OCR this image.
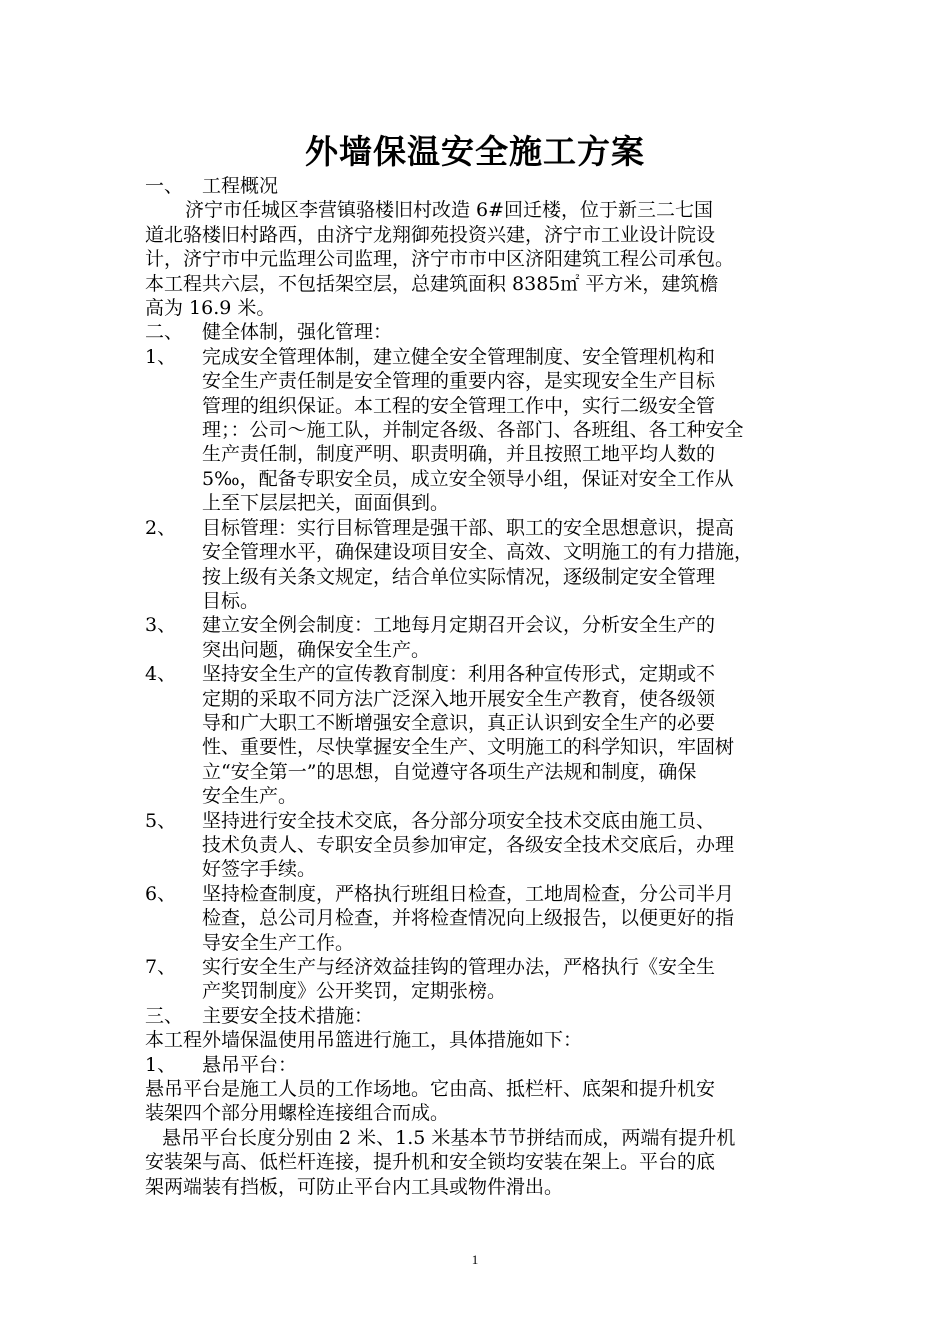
外墙保温安全施工方案
一、 工程概况
济宁市任城区李营镇骆楼旧村改造 6#回迁楼，位于新三二七国
道北骆楼旧村路西，由济宁龙翔御苑投资兴建，济宁市工业设计院设
计，济宁市中元监理公司监理，济宁市市中区济阳建筑工程公司承包。
本工程共六层，不包括架空层，总建筑面积 8385㎡ 平方米，建筑檐
高为 16.9 米。
二、 健全体制，强化管理：
1、	完成安全管理体制，建立健全安全管理制度、安全管理机构和
安全生产责任制是安全管理的重要内容，是实现安全生产目标
管理的组织保证。本工程的安全管理工作中，实行二级安全管
理；：公司～施工队，并制定各级、各部门、各班组、各工种安全
生产责任制，制度严明、职责明确，并且按照工地平均人数的
5‰，配备专职安全员，成立安全领导小组，保证对安全工作从
上至下层层把关，面面俱到。
2、	目标管理：实行目标管理是强干部、职工的安全思想意识，提高
安全管理水平，确保建设项目安全、高效、文明施工的有力措施，
按上级有关条文规定，结合单位实际情况，逐级制定安全管理
目标。
3、	建立安全例会制度：工地每月定期召开会议，分析安全生产的
突出问题，确保安全生产。
4、	坚持安全生产的宣传教育制度：利用各种宣传形式，定期或不
定期的采取不同方法广泛深入地开展安全生产教育，使各级领
导和广大职工不断增强安全意识，真正认识到安全生产的必要
性、重要性，尽快掌握安全生产、文明施工的科学知识，牢固树
立“安全第一”的思想，自觉遵守各项生产法规和制度，确保
安全生产。
5、	坚持进行安全技术交底，各分部分项安全技术交底由施工员、
技术负责人、专职安全员参加审定，各级安全技术交底后，办理
好签字手续。
6、	坚持检查制度，严格执行班组日检查，工地周检查，分公司半月
检查，总公司月检查，并将检查情况向上级报告，以便更好的指
导安全生产工作。
7、	实行安全生产与经济效益挂钩的管理办法，严格执行《安全生
产奖罚制度》公开奖罚，定期张榜。
三、 主要安全技术措施：
本工程外墙保温使用吊篮进行施工，具体措施如下：
1、	悬吊平台：
悬吊平台是施工人员的工作场地。它由高、抵栏杆、底架和提升机安
装架四个部分用螺栓连接组合而成。
悬吊平台长度分别由 2 米、1.5 米基本节节拼结而成，两端有提升机
安装架与高、低栏杆连接，提升机和安全锁均安装在架上。平台的底
架两端装有挡板，可防止平台内工具或物件滑出。
1
